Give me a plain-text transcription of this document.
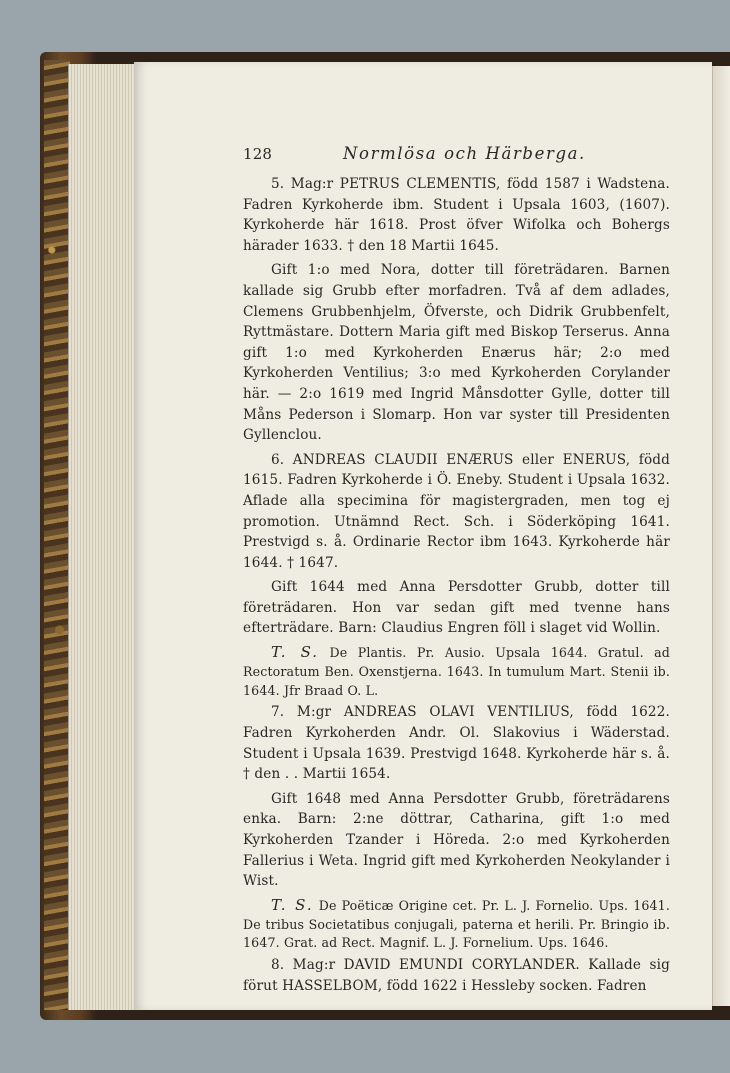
128	Normlösa och Härberga.

5. Mag:r PETRUS CLEMENTIS, född 1587 i Wadstena. Fadren Kyrkoherde ibm. Student i Upsala 1603, (1607). Kyrkoherde här 1618. Prost öfver Wifolka och Bohergs härader 1633. † den 18 Martii 1645.

Gift 1:o med Nora, dotter till företrädaren. Barnen kallade sig Grubb efter morfadren. Två af dem adlades, Clemens Grubbenhjelm, Öfverste, och Didrik Grubbenfelt, Ryttmästare. Dottern Maria gift med Biskop Terserus. Anna gift 1:o med Kyrkoherden Enærus här; 2:o med Kyrkoherden Ventilius; 3:o med Kyrkoherden Corylander här. — 2:o 1619 med Ingrid Månsdotter Gylle, dotter till Måns Pederson i Slomarp. Hon var syster till Presidenten Gyllenclou.

6. ANDREAS CLAUDII ENÆRUS eller ENERUS, född 1615. Fadren Kyrkoherde i Ö. Eneby. Student i Upsala 1632. Aflade alla specimina för magistergraden, men tog ej promotion. Utnämnd Rect. Sch. i Söderköping 1641. Prestvigd s. å. Ordinarie Rector ibm 1643. Kyrkoherde här 1644. † 1647.

Gift 1644 med Anna Persdotter Grubb, dotter till företrädaren. Hon var sedan gift med tvenne hans efterträdare. Barn: Claudius Engren föll i slaget vid Wollin.

T. S. De Plantis. Pr. Ausio. Upsala 1644. Gratul. ad Rectoratum Ben. Oxenstjerna. 1643. In tumulum Mart. Stenii ib. 1644. Jfr Braad O. L.

7. M:gr ANDREAS OLAVI VENTILIUS, född 1622. Fadren Kyrkoherden Andr. Ol. Slakovius i Wäderstad. Student i Upsala 1639. Prestvigd 1648. Kyrkoherde här s. å. † den . . Martii 1654.

Gift 1648 med Anna Persdotter Grubb, företrädarens enka. Barn: 2:ne döttrar, Catharina, gift 1:o med Kyrkoherden Tzander i Höreda. 2:o med Kyrkoherden Fallerius i Weta. Ingrid gift med Kyrkoherden Neokylander i Wist.

T. S. De Poëticæ Origine cet. Pr. L. J. Fornelio. Ups. 1641. De tribus Societatibus conjugali, paterna et herili. Pr. Bringio ib. 1647. Grat. ad Rect. Magnif. L. J. Fornelium. Ups. 1646.

8. Mag:r DAVID EMUNDI CORYLANDER. Kallade sig förut HASSELBOM, född 1622 i Hessleby socken. Fadren
